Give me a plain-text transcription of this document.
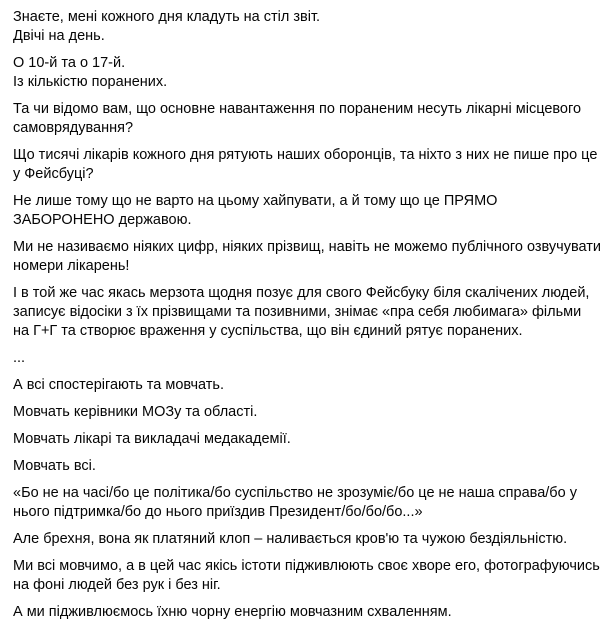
Знаєте, мені кожного дня кладуть на стіл звіт.
Двічі на день.

О 10-й та о 17-й.
Із кількістю поранених.

Та чи відомо вам, що основне навантаження по пораненим несуть лікарні місцевого самоврядування?

Що тисячі лікарів кожного дня рятують наших оборонців, та ніхто з них не пише про це у Фейсбуці?

Не лише тому що не варто на цьому хайпувати, а й тому що це ПРЯМО ЗАБОРОНЕНО державою.

Ми не називаємо ніяких цифр, ніяких прізвищ, навіть не можемо публічного озвучувати номери лікарень!

І в той же час якась мерзота щодня позує для свого Фейсбуку біля скалічених людей, записує відосіки з їх прізвищами та позивними, знімає «пра себя любимага» фільми на Г+Г та створює враження у суспільства, що він єдиний рятує поранених.

...

А всі спостерігають та мовчать.

Мовчать керівники МОЗу та області.

Мовчать лікарі та викладачі медакадемії.

Мовчать всі.

«Бо не на часі/бо це політика/бо суспільство не зрозуміє/бо це не наша справа/бо у нього підтримка/бо до нього приїздив Президент/бо/бо/бо...»

Але брехня, вона як платяний клоп – наливається кров'ю та чужою бездіяльністю.

Ми всі мовчимо, а в цей час якісь істоти підживлюють своє хворе его, фотографуючись на фоні людей без рук і без ніг.

А ми підживлюємось їхню чорну енергію мовчазним схваленням.
